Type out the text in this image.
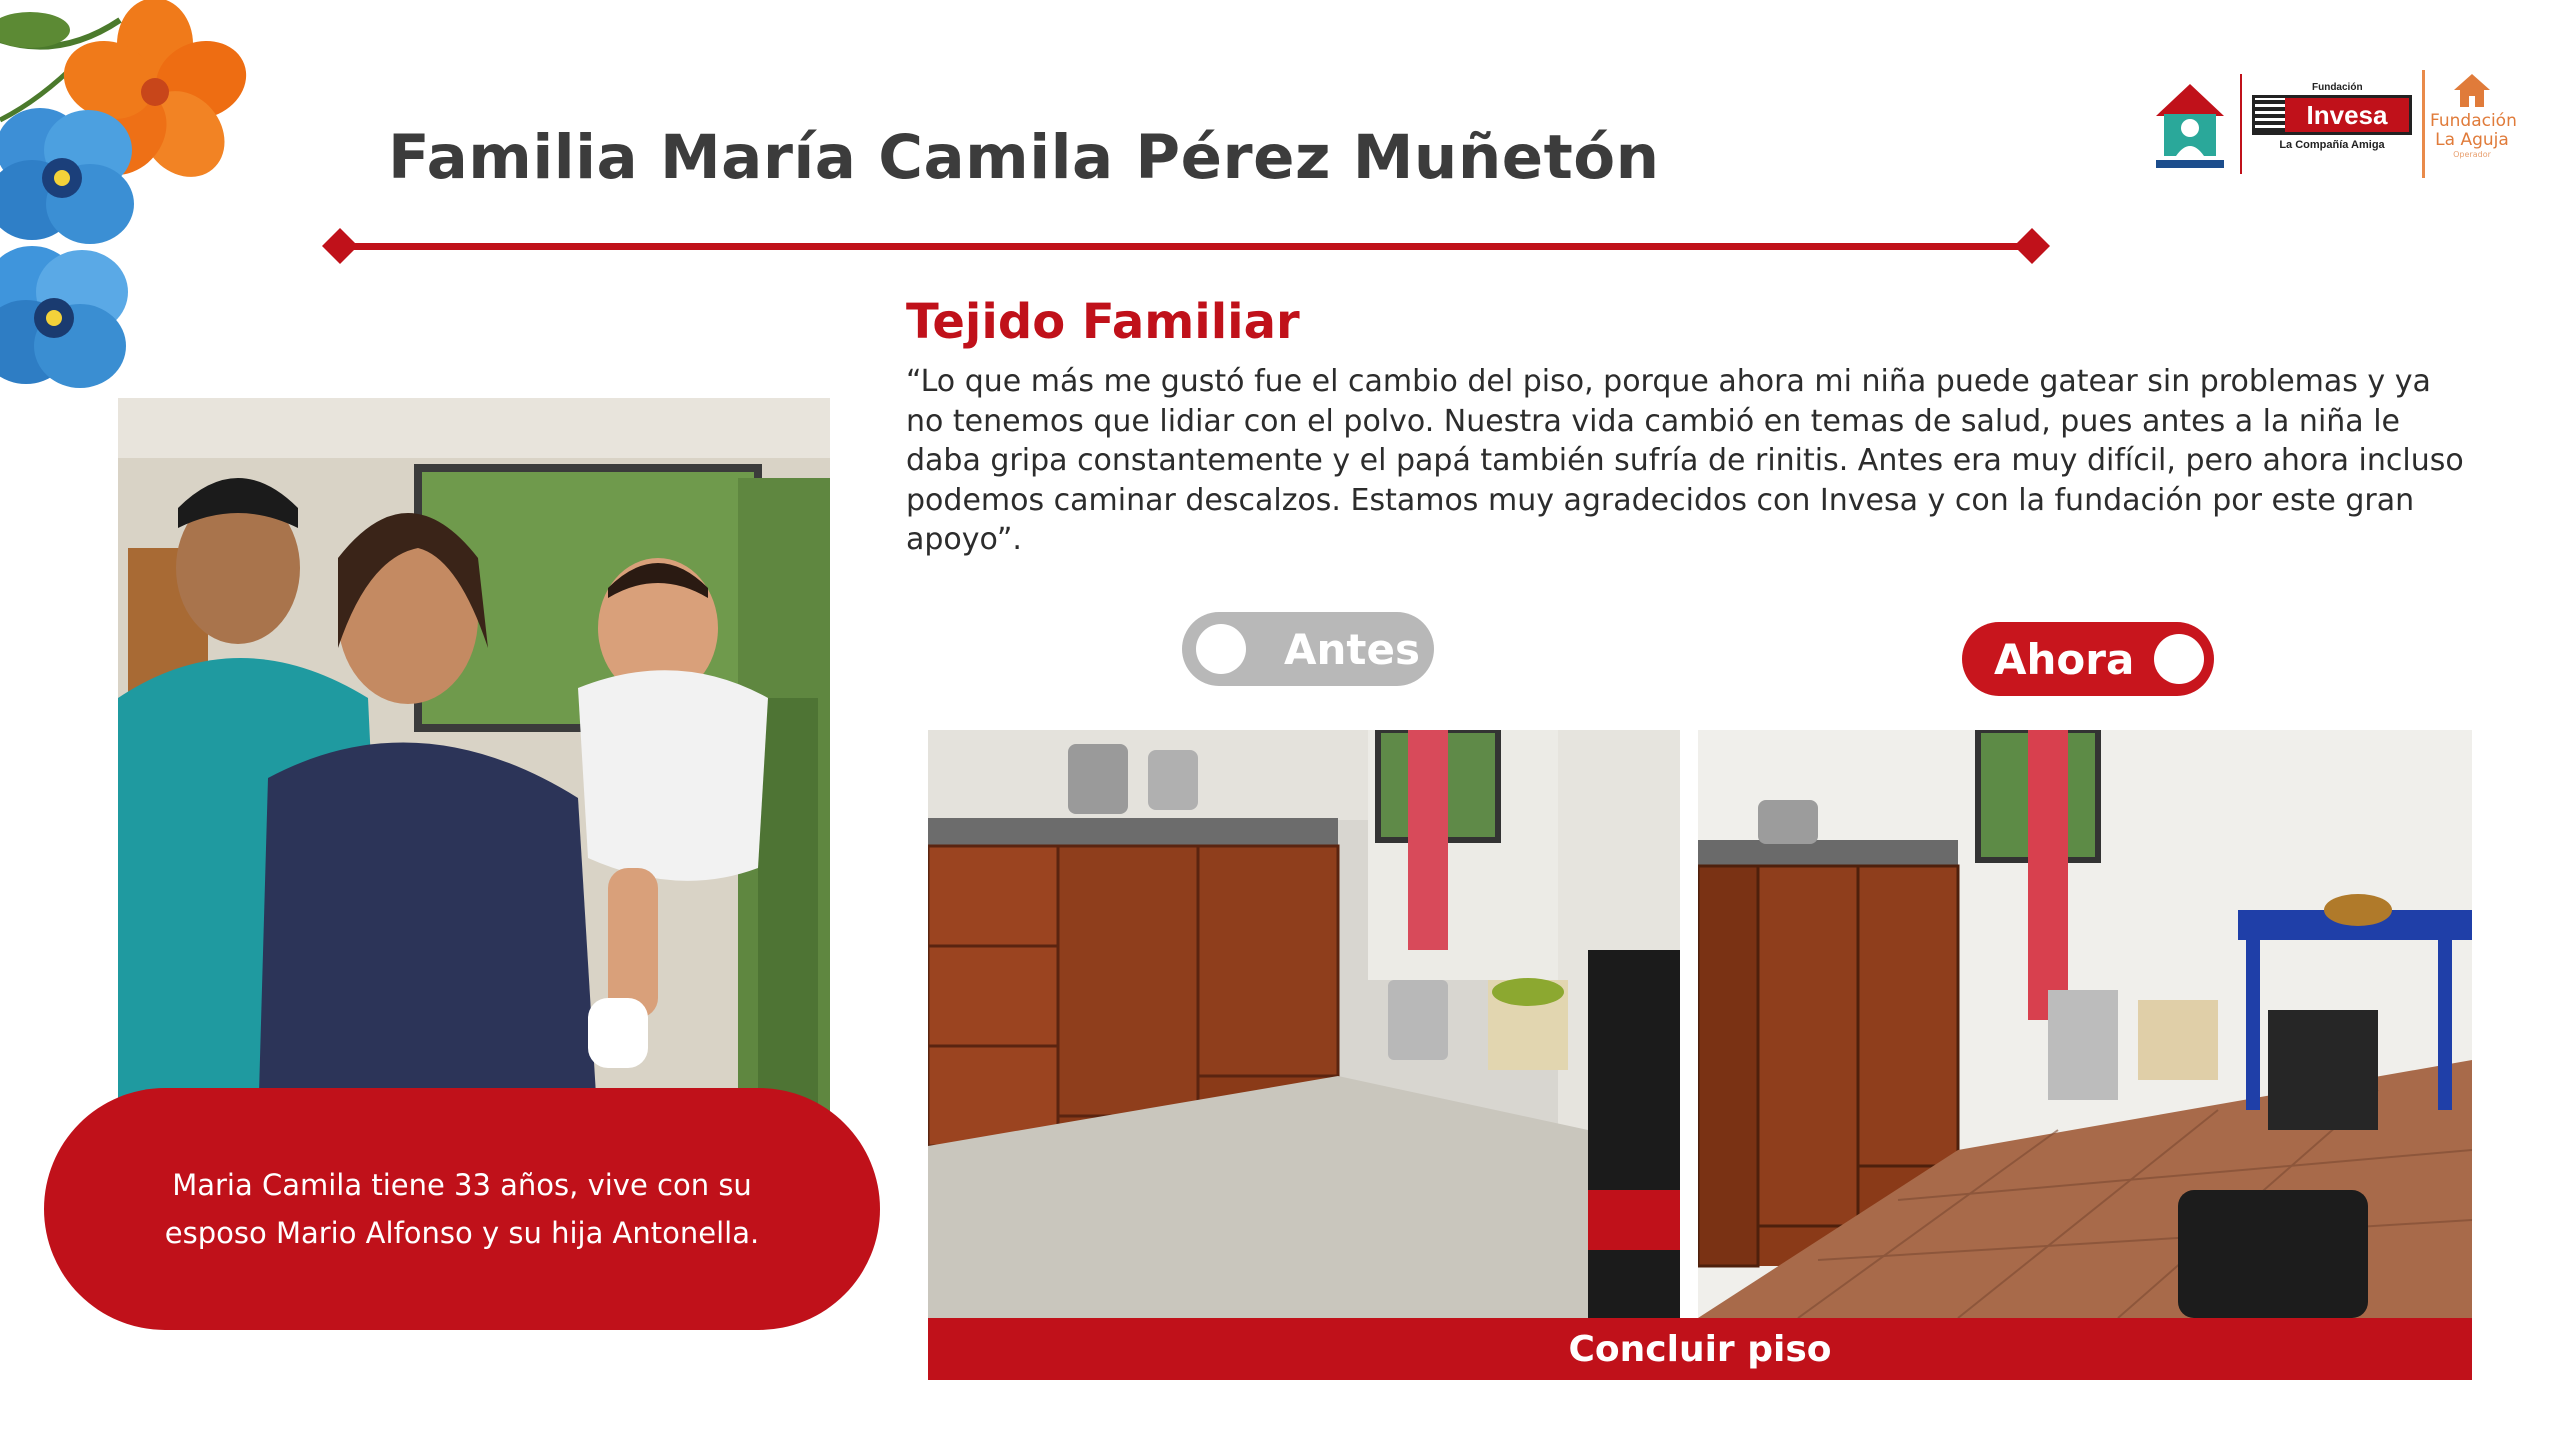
Familia María Camila Pérez Muñetón
Fundación
Invesa
La Compañía Amiga
Fundación
La Aguja
Operador
Tejido Familiar
“Lo que más me gustó fue el cambio del piso, porque ahora mi niña puede gatear sin problemas y ya no tenemos que lidiar con el polvo. Nuestra vida cambió en temas de salud, pues antes a la niña le daba gripa constantemente y el papá también sufría de rinitis. Antes era muy difícil, pero ahora incluso podemos caminar descalzos. Estamos muy agradecidos con Invesa y con la fundación por este gran apoyo”.
Maria Camila tiene 33 años, vive con su esposo Mario Alfonso y su hija Antonella.
Antes	Ahora
Concluir piso
